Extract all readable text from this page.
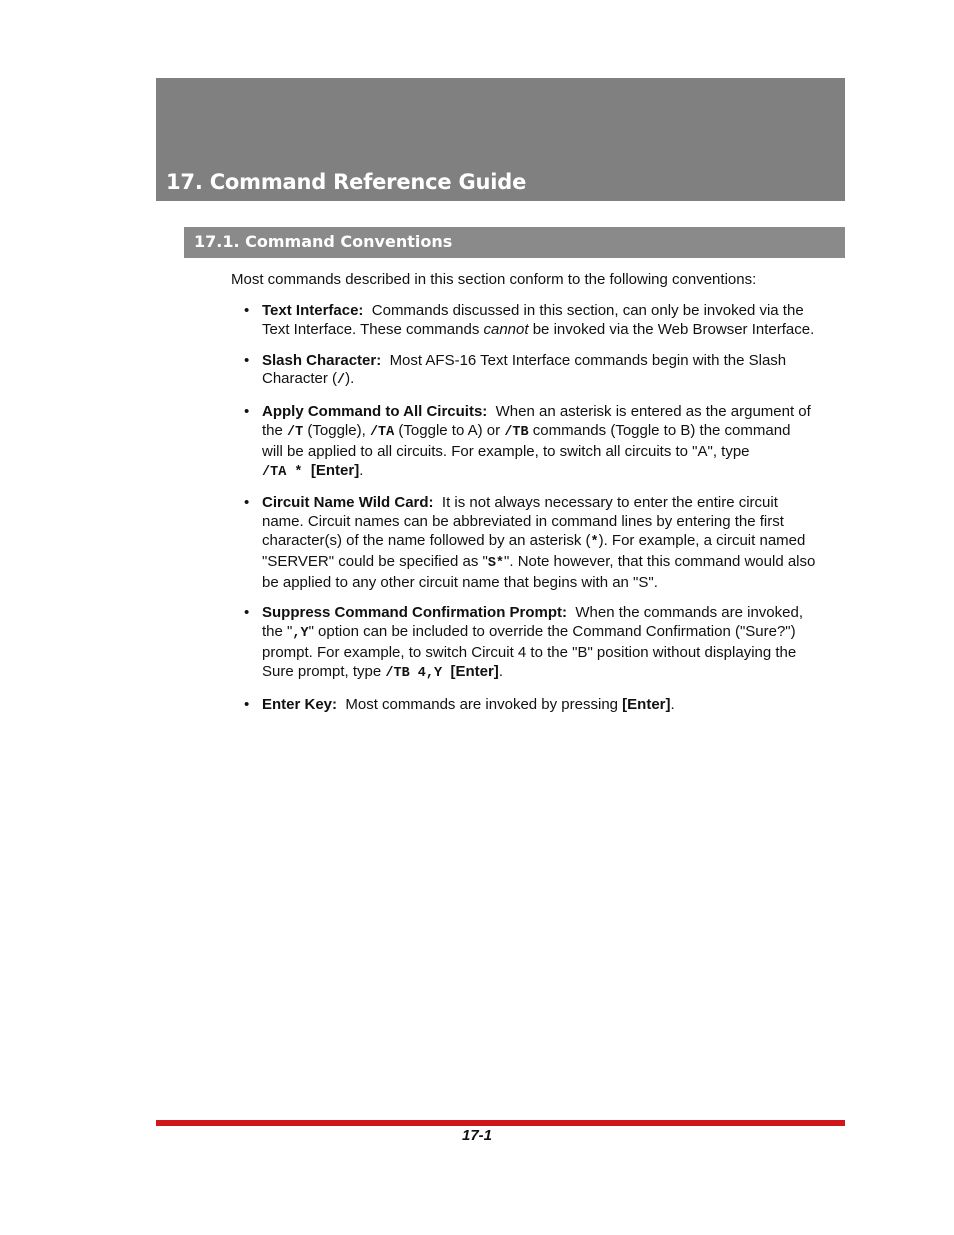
17. Command Reference Guide
17.1. Command Conventions

Most commands described in this section conform to the following conventions:

• Text Interface: Commands discussed in this section, can only be invoked via the
Text Interface. These commands cannot be invoked via the Web Browser Interface.
• Slash Character: Most AFS-16 Text Interface commands begin with the Slash
Character (/).
• Apply Command to All Circuits: When an asterisk is entered as the argument of
the /T (Toggle), /TA (Toggle to A) or /TB commands (Toggle to B) the command
will be applied to all circuits. For example, to switch all circuits to "A", type
/TA * [Enter].
• Circuit Name Wild Card: It is not always necessary to enter the entire circuit
name. Circuit names can be abbreviated in command lines by entering the first
character(s) of the name followed by an asterisk (*). For example, a circuit named
"SERVER" could be specified as "S*". Note however, that this command would also
be applied to any other circuit name that begins with an "S".
• Suppress Command Confirmation Prompt: When the commands are invoked,
the ",Y" option can be included to override the Command Confirmation ("Sure?")
prompt. For example, to switch Circuit 4 to the "B" position without displaying the
Sure prompt, type /TB 4,Y [Enter].
• Enter Key: Most commands are invoked by pressing [Enter].
17-1
